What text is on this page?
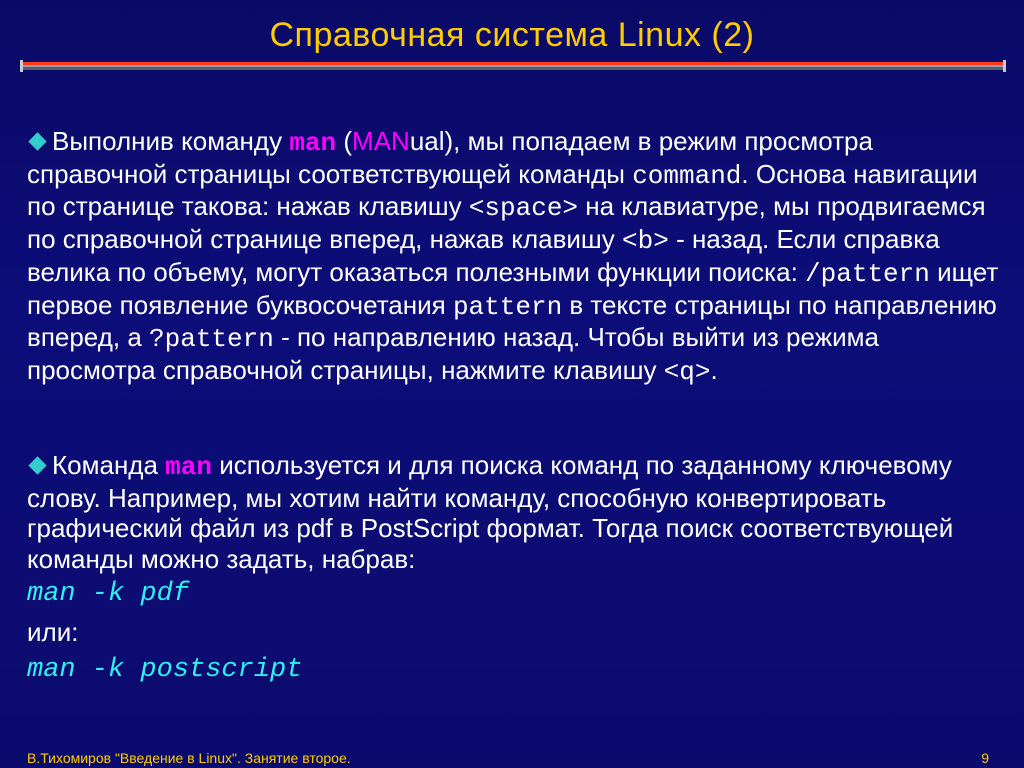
Справочная система Linux (2)
Выполнив команду man (MANual), мы попадаем в режим просмотра справочной страницы соответствующей команды command. Основа навигации по странице такова: нажав клавишу <space> на клавиатуре, мы продвигаемся по справочной странице вперед, нажав клавишу <b> - назад. Если справка велика по объему, могут оказаться полезными функции поиска: /pattern ищет первое появление буквосочетания pattern в тексте страницы по направлению вперед, а ?pattern - по направлению назад. Чтобы выйти из режима просмотра справочной страницы, нажмите клавишу <q>.
Команда man используется и для поиска команд по заданному ключевому слову. Например, мы хотим найти команду, способную конвертировать графический файл из pdf в PostScript формат. Тогда поиск соответствующей команды можно задать, набрав:
man -k pdf
или:
man -k postscript
В.Тихомиров "Введение в Linux". Занятие второе.	9
